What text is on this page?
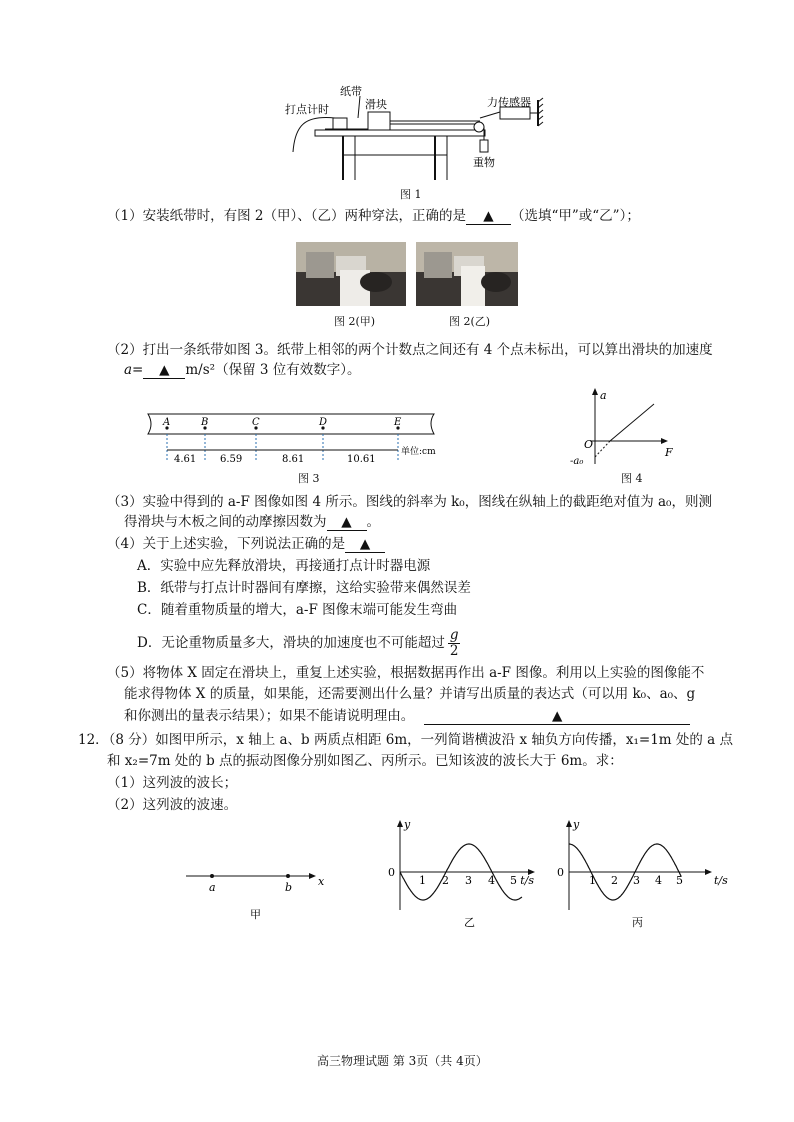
打点计时
纸带
滑块	力传感器
重物
图 1
（1）安装纸带时，有图 2（甲）、（乙）两种穿法，正确的是 ▲ （选填“甲”或“乙”）；
图 2(甲)	图 2(乙)
（2）打出一条纸带如图 3。纸带上相邻的两个计数点之间还有 4 个点未标出，可以算出滑块的加速度
a= ▲ m/s²（保留 3 位有效数字）。
A	B	C	D	E
4.61 6.59	8.61	10.61
单位:cm
图 3
a
F
O
-a₀
图 4
（3）实验中得到的 a-F 图像如图 4 所示。图线的斜率为 k₀，图线在纵轴上的截距绝对值为 a₀，则测
得滑块与木板之间的动摩擦因数为 ▲ 。
（4）关于上述实验，下列说法正确的是 ▲
A．实验中应先释放滑块，再接通打点计时器电源
B．纸带与打点计时器间有摩擦，这给实验带来偶然误差
C．随着重物质量的增大，a-F 图像末端可能发生弯曲
D．无论重物质量多大，滑块的加速度也不可能超过 $\frac{g}{2}$
（5）将物体 X 固定在滑块上，重复上述实验，根据数据再作出 a-F 图像。利用以上实验的图像能不
能求得物体 X 的质量，如果能，还需要测出什么量？并请写出质量的表达式（可以用 k₀、a₀、g
和你测出的量表示结果）；如果不能请说明理由。	▲
12．（8 分）如图甲所示，x 轴上 a、b 两质点相距 6m，一列简谐横波沿 x 轴负方向传播，x₁=1m 处的 a 点
和 x₂=7m 处的 b 点的振动图像分别如图乙、丙所示。已知该波的波长大于 6m。求：
（1）这列波的波长；
（2）这列波的波速。
a	b x
甲
y
0
1 2 3 4 5 t/s
乙
y
0
1 2 3 4 5	t/s
丙
高三物理试题 第 3页（共 4页）
